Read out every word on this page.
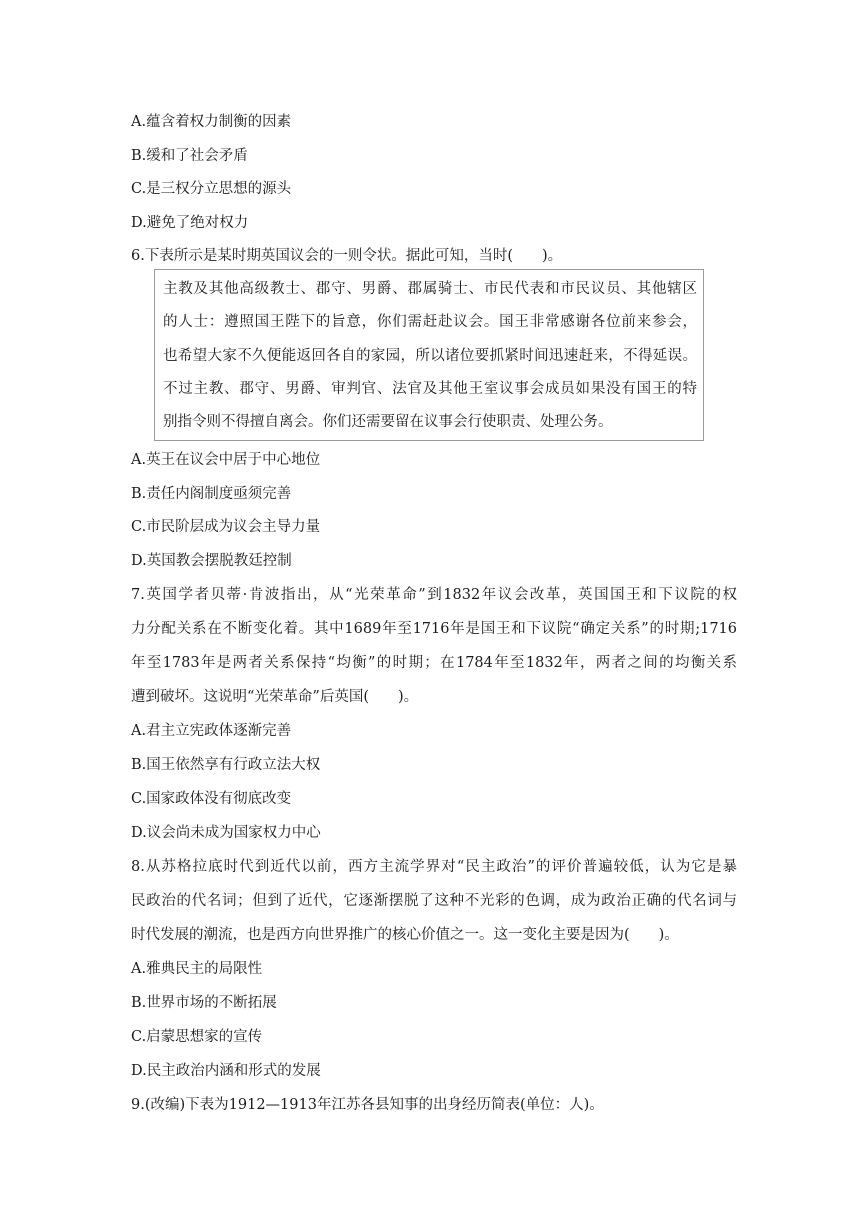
A.蕴含着权力制衡的因素
B.缓和了社会矛盾
C.是三权分立思想的源头
D.避免了绝对权力
6.下表所示是某时期英国议会的一则令状。据此可知，当时(　　)。
主教及其他高级教士、郡守、男爵、郡属骑士、市民代表和市民议员、其他辖区
的人士：遵照国王陛下的旨意，你们需赶赴议会。国王非常感谢各位前来参会，
也希望大家不久便能返回各自的家园，所以诸位要抓紧时间迅速赶来，不得延误。
不过主教、郡守、男爵、审判官、法官及其他王室议事会成员如果没有国王的特
别指令则不得擅自离会。你们还需要留在议事会行使职责、处理公务。
A.英王在议会中居于中心地位
B.责任内阁制度亟须完善
C.市民阶层成为议会主导力量
D.英国教会摆脱教廷控制
7.英国学者贝蒂·肯波指出，从“光荣革命”到1832年议会改革，英国国王和下议院的权
力分配关系在不断变化着。其中1689年至1716年是国王和下议院“确定关系”的时期;1716
年至1783年是两者关系保持“均衡”的时期；在1784年至1832年，两者之间的均衡关系
遭到破坏。这说明“光荣革命”后英国(　　)。
A.君主立宪政体逐渐完善
B.国王依然享有行政立法大权
C.国家政体没有彻底改变
D.议会尚未成为国家权力中心
8.从苏格拉底时代到近代以前，西方主流学界对“民主政治”的评价普遍较低，认为它是暴
民政治的代名词；但到了近代，它逐渐摆脱了这种不光彩的色调，成为政治正确的代名词与
时代发展的潮流，也是西方向世界推广的核心价值之一。这一变化主要是因为(　　)。
A.雅典民主的局限性
B.世界市场的不断拓展
C.启蒙思想家的宣传
D.民主政治内涵和形式的发展
9.(改编)下表为1912—1913年江苏各县知事的出身经历简表(单位：人)。
